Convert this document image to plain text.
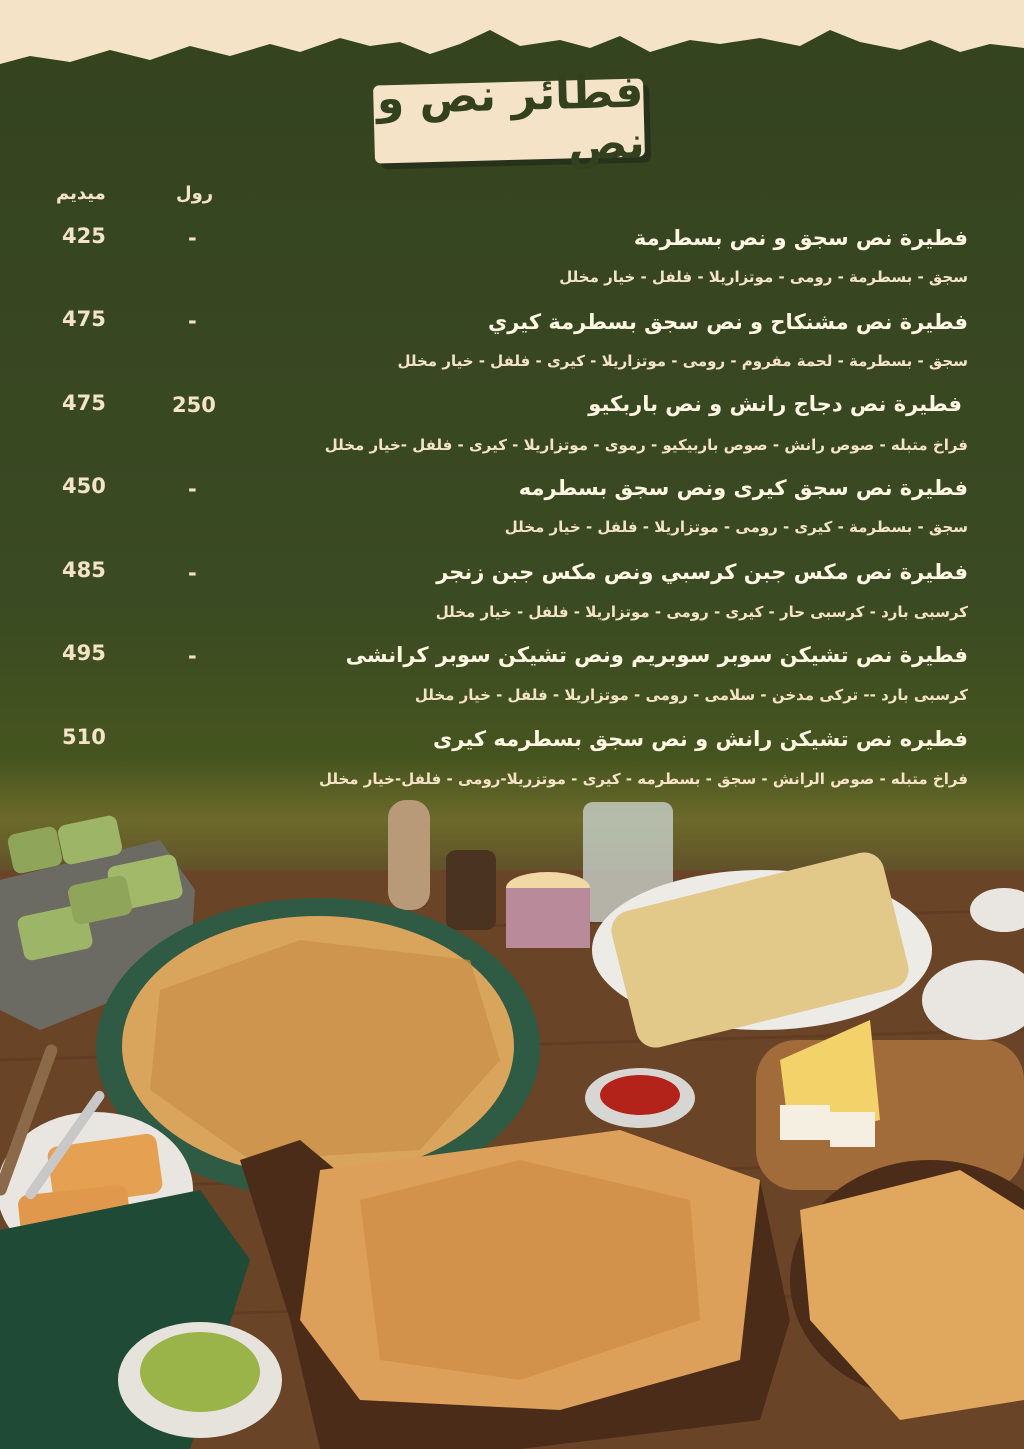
فطائر نص و نص
رول
ميديم
فطيرة نص سجق و نص بسطرمة
سجق - بسطرمة - رومى - موتزاريلا - فلفل - خيار مخلل
-
425
فطيرة نص مشنكاح و نص سجق بسطرمة كيري
سجق - بسطرمة - لحمة مفروم - رومى - موتزاريلا - كيرى - فلفل - خيار مخلل
-
475
فطيرة نص دجاج رانش و نص باربكيو
فراخ متبله - صوص رانش - صوص باربيكيو - رموى - موتزاريلا - كيرى - فلفل -خيار مخلل
250
475
فطيرة نص سجق كيرى ونص سجق بسطرمه
سجق - بسطرمة - كيرى - رومى - موتزاريلا - فلفل - خيار مخلل
-
450
فطيرة نص مكس جبن كرسبي ونص مكس جبن زنجر
كرسبى بارد - كرسبى حار - كيرى - رومى - موتزاريلا - فلفل - خيار مخلل
-
485
فطيرة نص تشيكن سوبر سوبريم ونص تشيكن سوبر كرانشى
كرسبى بارد -- تركى مدخن - سلامى - رومى - موتزاريلا - فلفل - خيار مخلل
-
495
فطيره نص تشيكن رانش و نص سجق بسطرمه كيرى
فراخ متبله - صوص الرانش - سجق - بسطرمه - كيرى - موتزريلا-رومى - فلفل-خيار مخلل
510
